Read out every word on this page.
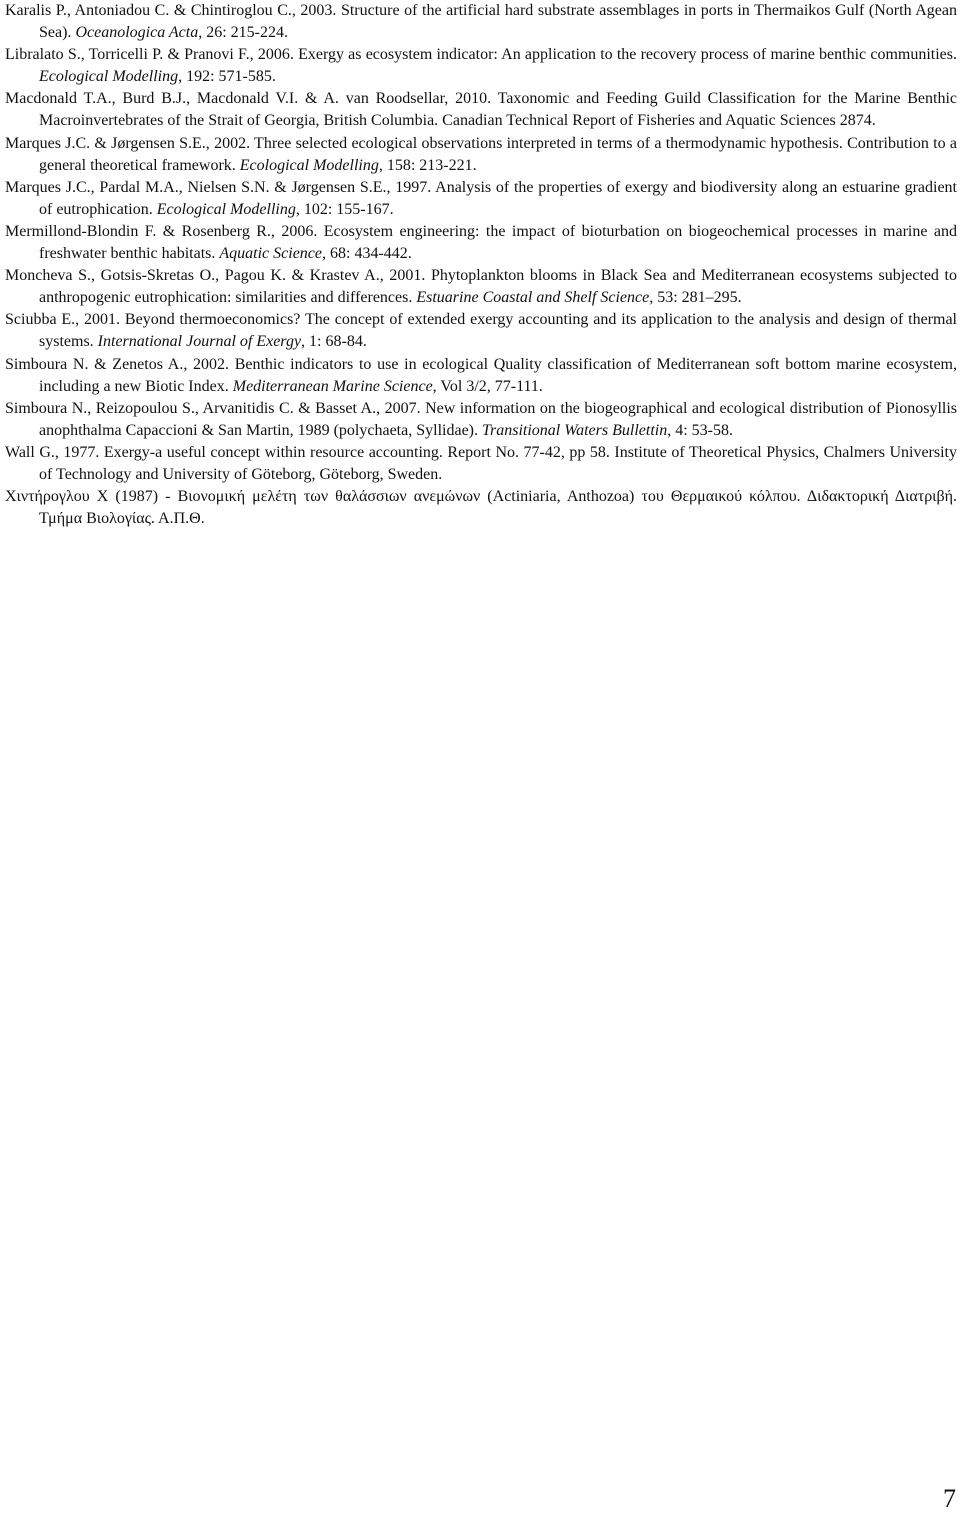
Karalis P., Antoniadou C. & Chintiroglou C., 2003. Structure of the artificial hard substrate assemblages in ports in Thermaikos Gulf (North Agean Sea). Oceanologica Acta, 26: 215-224.

Libralato S., Torricelli P. & Pranovi F., 2006. Exergy as ecosystem indicator: An application to the recovery process of marine benthic communities. Ecological Modelling, 192: 571-585.

Macdonald T.A., Burd B.J., Macdonald V.I. & A. van Roodsellar, 2010. Taxonomic and Feeding Guild Classification for the Marine Benthic Macroinvertebrates of the Strait of Georgia, British Columbia. Canadian Technical Report of Fisheries and Aquatic Sciences 2874.

Marques J.C. & Jørgensen S.E., 2002. Three selected ecological observations interpreted in terms of a thermodynamic hypothesis. Contribution to a general theoretical framework. Ecological Modelling, 158: 213-221.

Marques J.C., Pardal M.A., Nielsen S.N. & Jørgensen S.E., 1997. Analysis of the properties of exergy and biodiversity along an estuarine gradient of eutrophication. Ecological Modelling, 102: 155-167.

Mermillond-Blondin F. & Rosenberg R., 2006. Ecosystem engineering: the impact of bioturbation on biogeochemical processes in marine and freshwater benthic habitats. Aquatic Science, 68: 434-442.

Moncheva S., Gotsis-Skretas O., Pagou K. & Krastev A., 2001. Phytoplankton blooms in Black Sea and Mediterranean ecosystems subjected to anthropogenic eutrophication: similarities and differences. Estuarine Coastal and Shelf Science, 53: 281–295.

Sciubba E., 2001. Beyond thermoeconomics? The concept of extended exergy accounting and its application to the analysis and design of thermal systems. International Journal of Exergy, 1: 68-84.

Simboura N. & Zenetos A., 2002. Benthic indicators to use in ecological Quality classification of Mediterranean soft bottom marine ecosystem, including a new Biotic Index. Mediterranean Marine Science, Vol 3/2, 77-111.

Simboura N., Reizopoulou S., Arvanitidis C. & Basset A., 2007. New information on the biogeographical and ecological distribution of Pionosyllis anophthalma Capaccioni & San Martin, 1989 (polychaeta, Syllidae). Transitional Waters Bullettin, 4: 53-58.

Wall G., 1977. Exergy-a useful concept within resource accounting. Report No. 77-42, pp 58. Institute of Theoretical Physics, Chalmers University of Technology and University of Göteborg, Göteborg, Sweden.

Χιντήρογλου Χ (1987) - Βιονομική μελέτη των θαλάσσιων ανεμώνων (Actiniaria, Anthozoa) του Θερμαικού κόλπου. Διδακτορική Διατριβή. Τμήμα Βιολογίας. Α.Π.Θ.

7
